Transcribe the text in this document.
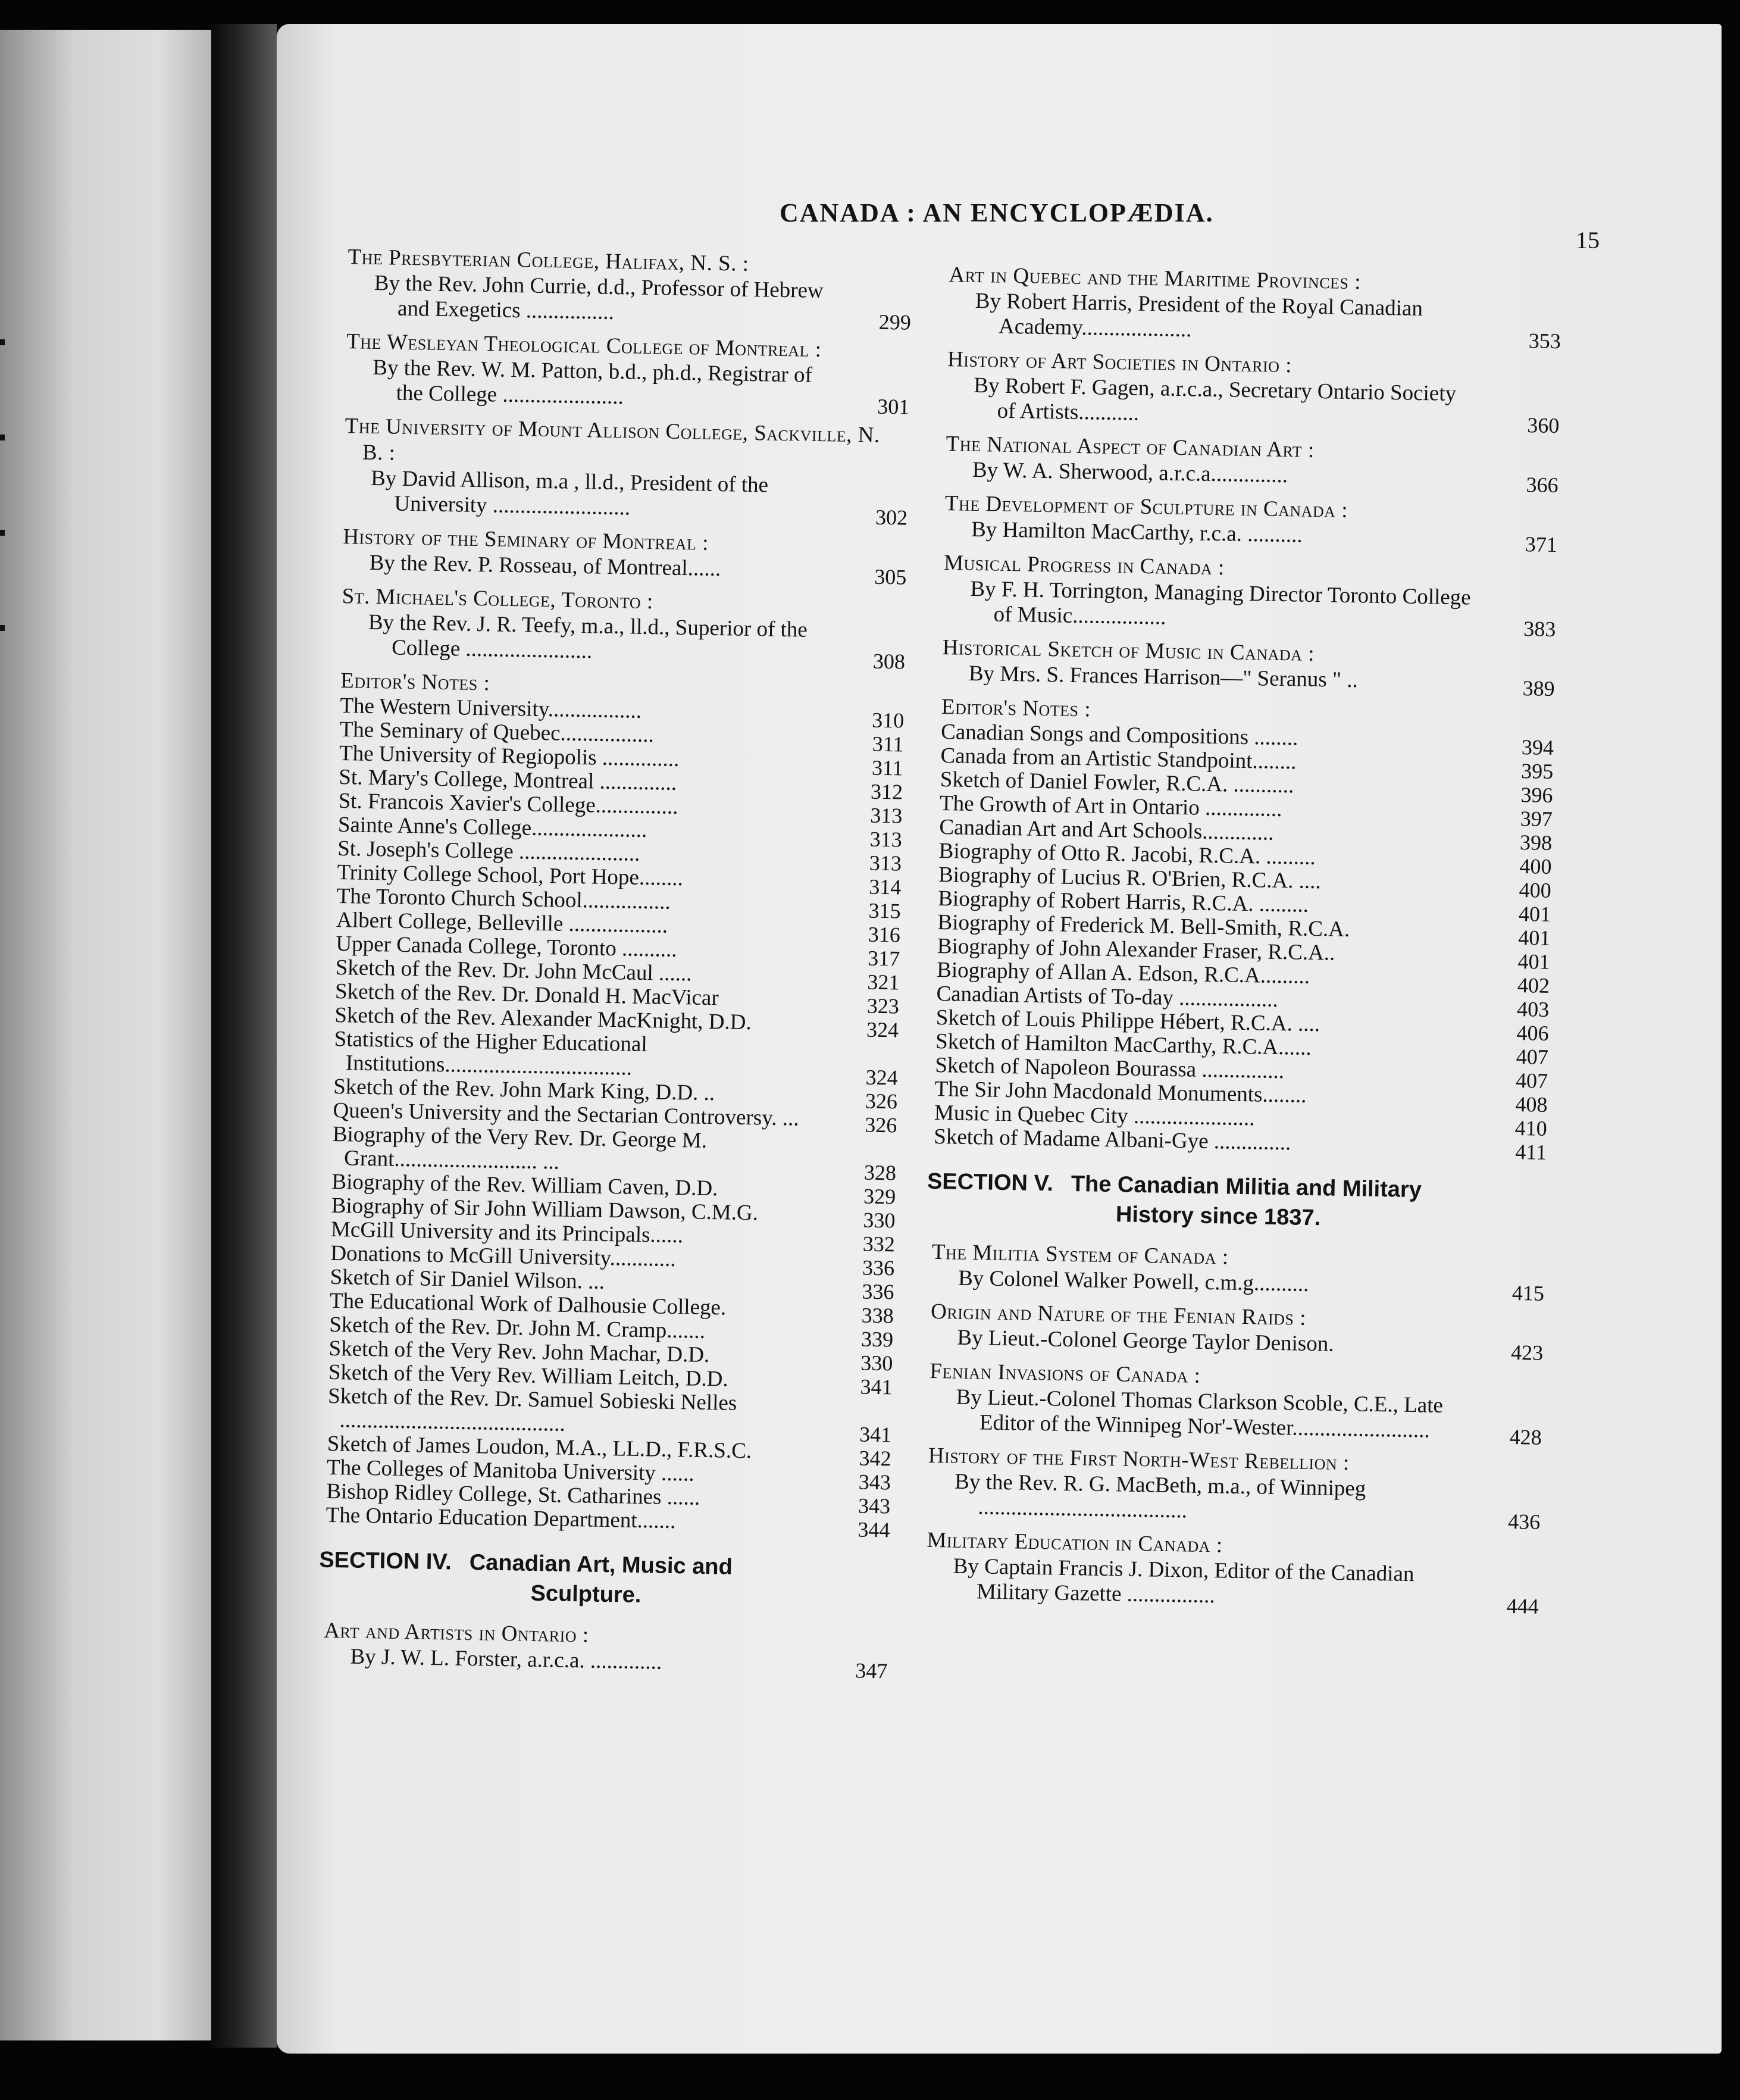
CANADA : AN ENCYCLOPÆDIA.
15
The Presbyterian College, Halifax, N. S. :
By the Rev. John Currie, d.d., Professor of Hebrew and Exegetics ................	299
The Wesleyan Theological College of Montreal :
By the Rev. W. M. Patton, b.d., ph.d., Registrar of the College ......................	301
The University of Mount Allison College, Sackville, N. B. :
By David Allison, m.a , ll.d., President of the University .........................	302
History of the Seminary of Montreal :
By the Rev. P. Rosseau, of Montreal......	305
St. Michael's College, Toronto :
By the Rev. J. R. Teefy, m.a., ll.d., Superior of the College .......................	308
Editor's Notes :
The Western University.................	310
The Seminary of Quebec.................	311
The University of Regiopolis ..............	311
St. Mary's College, Montreal ..............	312
St. Francois Xavier's College...............	313
Sainte Anne's College.....................	313
St. Joseph's College ......................	313
Trinity College School, Port Hope........	314
The Toronto Church School................	315
Albert College, Belleville ..................	316
Upper Canada College, Toronto ..........	317
Sketch of the Rev. Dr. John McCaul ......	321
Sketch of the Rev. Dr. Donald H. MacVicar	323
Sketch of the Rev. Alexander MacKnight, D.D.	324
Statistics of the Higher Educational Institutions..................................	324
Sketch of the Rev. John Mark King, D.D. ..	326
Queen's University and the Sectarian Controversy. ...	326
Biography of the Very Rev. Dr. George M. Grant.......................... ...	328
Biography of the Rev. William Caven, D.D.	329
Biography of Sir John William Dawson, C.M.G.	330
McGill University and its Principals......	332
Donations to McGill University............	336
Sketch of Sir Daniel Wilson. ...	336
The Educational Work of Dalhousie College.	338
Sketch of the Rev. Dr. John M. Cramp.......	339
Sketch of the Very Rev. John Machar, D.D.	330
Sketch of the Very Rev. William Leitch, D.D.	341
Sketch of the Rev. Dr. Samuel Sobieski Nelles .........................................	341
Sketch of James Loudon, M.A., LL.D., F.R.S.C.	342
The Colleges of Manitoba University ......	343
Bishop Ridley College, St. Catharines ......	343
The Ontario Education Department.......	344
SECTION IV. Canadian Art, Music and
Sculpture.
Art and Artists in Ontario :
By J. W. L. Forster, a.r.c.a. .............	347
Art in Quebec and the Maritime Provinces :
By Robert Harris, President of the Royal Canadian Academy....................	353
History of Art Societies in Ontario :
By Robert F. Gagen, a.r.c.a., Secretary Ontario Society of Artists...........	360
The National Aspect of Canadian Art :
By W. A. Sherwood, a.r.c.a..............	366
The Development of Sculpture in Canada :
By Hamilton MacCarthy, r.c.a. ..........	371
Musical Progress in Canada :
By F. H. Torrington, Managing Director Toronto College of Music.................	383
Historical Sketch of Music in Canada :
By Mrs. S. Frances Harrison—" Seranus " ..	389
Editor's Notes :
Canadian Songs and Compositions ........	394
Canada from an Artistic Standpoint........	395
Sketch of Daniel Fowler, R.C.A. ...........	396
The Growth of Art in Ontario ..............	397
Canadian Art and Art Schools.............	398
Biography of Otto R. Jacobi, R.C.A. .........	400
Biography of Lucius R. O'Brien, R.C.A. ....	400
Biography of Robert Harris, R.C.A. .........	401
Biography of Frederick M. Bell-Smith, R.C.A.	401
Biography of John Alexander Fraser, R.C.A..	401
Biography of Allan A. Edson, R.C.A.........	402
Canadian Artists of To-day ..................	403
Sketch of Louis Philippe Hébert, R.C.A. ....	406
Sketch of Hamilton MacCarthy, R.C.A......	407
Sketch of Napoleon Bourassa ...............	407
The Sir John Macdonald Monuments........	408
Music in Quebec City ......................	410
Sketch of Madame Albani-Gye ..............	411
SECTION V. The Canadian Militia and Military
History since 1837.
The Militia System of Canada :
By Colonel Walker Powell, c.m.g..........	415
Origin and Nature of the Fenian Raids :
By Lieut.-Colonel George Taylor Denison.	423
Fenian Invasions of Canada :
By Lieut.-Colonel Thomas Clarkson Scoble, C.E., Late Editor of the Winnipeg Nor'-Wester.........................	428
History of the First North-West Rebellion :
By the Rev. R. G. MacBeth, m.a., of Winnipeg ......................................	436
Military Education in Canada :
By Captain Francis J. Dixon, Editor of the Canadian Military Gazette ................	444
